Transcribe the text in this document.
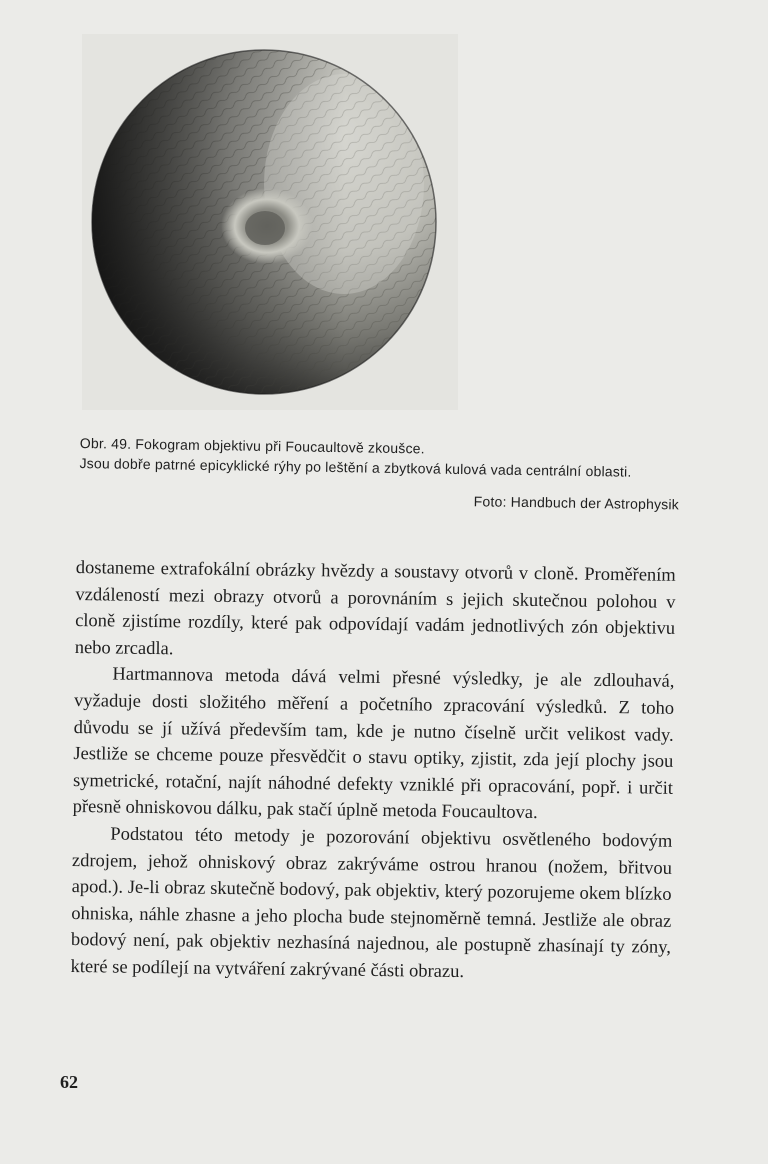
Obr. 49. Fokogram objektivu při Foucaultově zkoušce.
Jsou dobře patrné epicyklické rýhy po leštění a zbytková kulová vada centrální oblasti.
Foto: Handbuch der Astrophysik

dostaneme extrafokální obrázky hvězdy a soustavy otvorů v cloně. Proměřením vzdáleností mezi obrazy otvorů a porovnáním s jejich skutečnou polohou v cloně zjistíme rozdíly, které pak odpovídají vadám jednotlivých zón objektivu nebo zrcadla.

Hartmannova metoda dává velmi přesné výsledky, je ale zdlouhavá, vyžaduje dosti složitého měření a početního zpracování výsledků. Z toho důvodu se jí užívá především tam, kde je nutno číselně určit velikost vady. Jestliže se chceme pouze přesvědčit o stavu optiky, zjistit, zda její plochy jsou symetrické, rotační, najít náhodné defekty vzniklé při opracování, popř. i určit přesně ohniskovou dálku, pak stačí úplně metoda Foucaultova.

Podstatou této metody je pozorování objektivu osvětleného bodovým zdrojem, jehož ohniskový obraz zakrýváme ostrou hranou (nožem, břitvou apod.). Je-li obraz skutečně bodový, pak objektiv, který pozorujeme okem blízko ohniska, náhle zhasne a jeho plocha bude stejnoměrně temná. Jestliže ale obraz bodový není, pak objektiv nezhasíná najednou, ale postupně zhasínají ty zóny, které se podílejí na vytváření zakrývané části obrazu.

62
